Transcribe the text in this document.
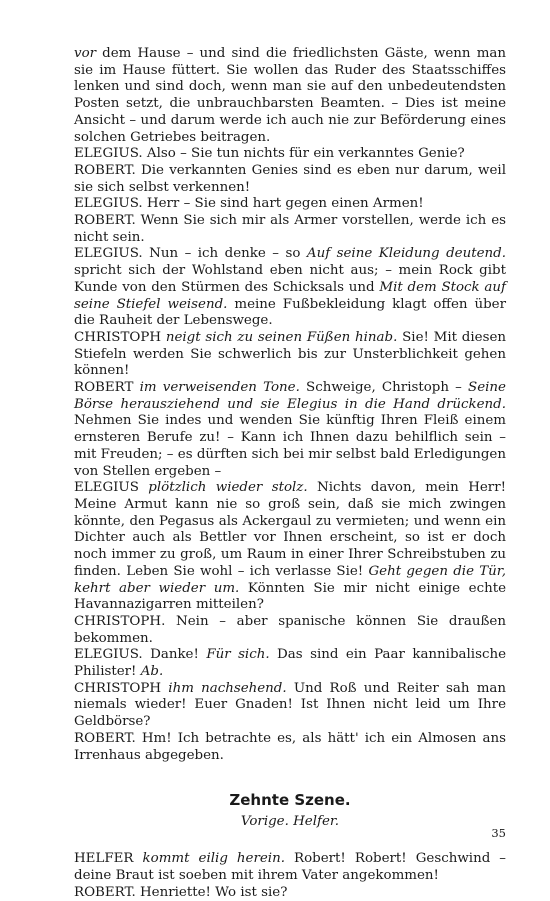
vor dem Hause – und sind die friedlichsten Gäste, wenn man sie im Hause füttert. Sie wollen das Ruder des Staatsschiffes lenken und sind doch, wenn man sie auf den unbedeutendsten Posten setzt, die unbrauchbarsten Beamten. – Dies ist meine Ansicht – und darum werde ich auch nie zur Beförderung eines solchen Getriebes beitragen.

ELEGIUS. Also – Sie tun nichts für ein verkanntes Genie?

ROBERT. Die verkannten Genies sind es eben nur darum, weil sie sich selbst verkennen!

ELEGIUS. Herr – Sie sind hart gegen einen Armen!

ROBERT. Wenn Sie sich mir als Armer vorstellen, werde ich es nicht sein.

ELEGIUS. Nun – ich denke – so Auf seine Kleidung deutend. spricht sich der Wohlstand eben nicht aus; – mein Rock gibt Kunde von den Stürmen des Schicksals und Mit dem Stock auf seine Stiefel weisend. meine Fußbekleidung klagt offen über die Rauheit der Lebenswege.

CHRISTOPH neigt sich zu seinen Füßen hinab. Sie! Mit diesen Stiefeln werden Sie schwerlich bis zur Unsterblichkeit gehen können!

ROBERT im verweisenden Tone. Schweige, Christoph – Seine Börse herausziehend und sie Elegius in die Hand drückend. Nehmen Sie indes und wenden Sie künftig Ihren Fleiß einem ernsteren Berufe zu! – Kann ich Ihnen dazu behilflich sein – mit Freuden; – es dürften sich bei mir selbst bald Erledigungen von Stellen ergeben –

ELEGIUS plötzlich wieder stolz. Nichts davon, mein Herr! Meine Armut kann nie so groß sein, daß sie mich zwingen könnte, den Pegasus als Ackergaul zu vermieten; und wenn ein Dichter auch als Bettler vor Ihnen erscheint, so ist er doch noch immer zu groß, um Raum in einer Ihrer Schreibstuben zu finden. Leben Sie wohl – ich verlasse Sie! Geht gegen die Tür, kehrt aber wieder um. Könnten Sie mir nicht einige echte Havannazigarren mitteilen?

CHRISTOPH. Nein – aber spanische können Sie draußen bekommen.

ELEGIUS. Danke! Für sich. Das sind ein Paar kannibalische Philister! Ab.

CHRISTOPH ihm nachsehend. Und Roß und Reiter sah man niemals wieder! Euer Gnaden! Ist Ihnen nicht leid um Ihre Geldbörse?

ROBERT. Hm! Ich betrachte es, als hätt' ich ein Almosen ans Irrenhaus abgegeben.

Zehnte Szene.
Vorige. Helfer.

HELFER kommt eilig herein. Robert! Robert! Geschwind – deine Braut ist soeben mit ihrem Vater angekommen!

ROBERT. Henriette! Wo ist sie?

35
